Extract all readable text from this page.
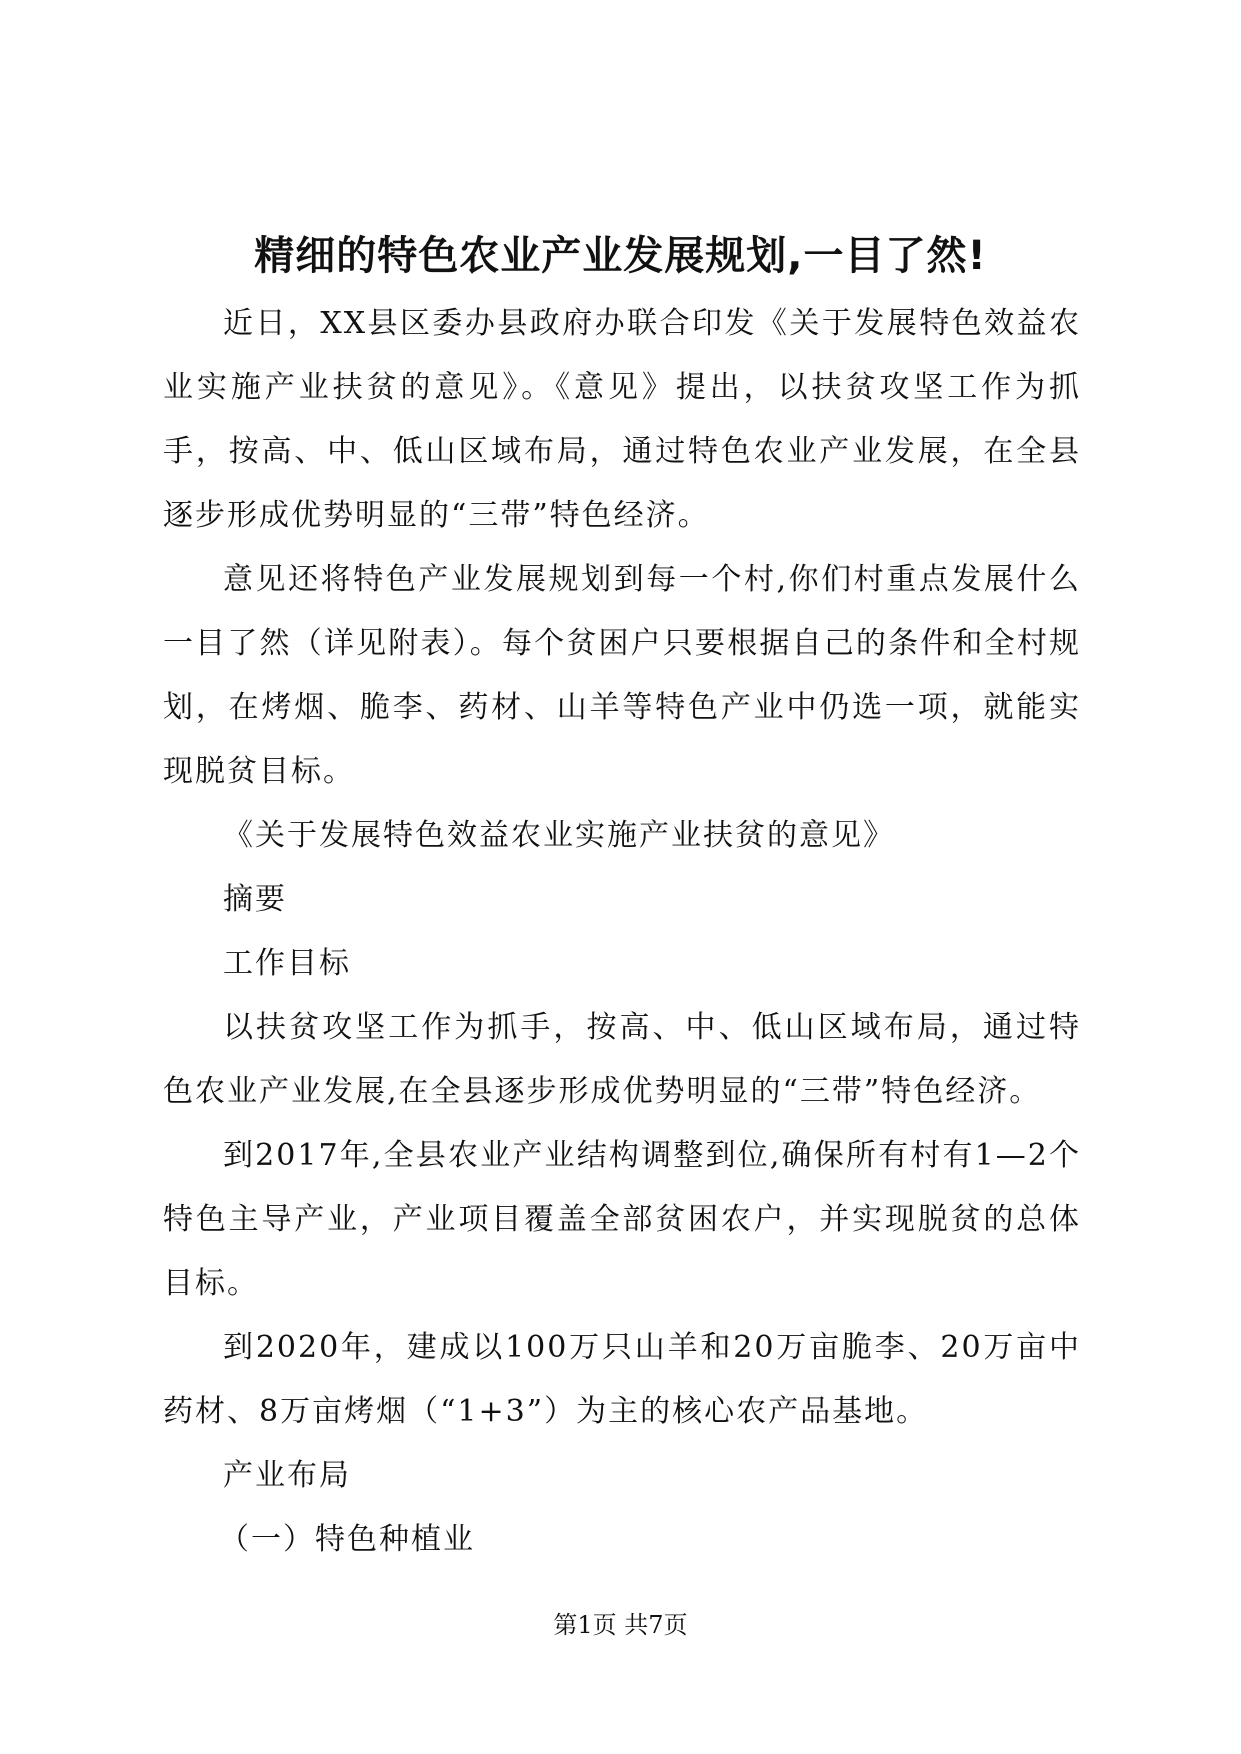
精细的特色农业产业发展规划,一目了然!

近日，XX县区委办县政府办联合印发《关于发展特色效益农业实施产业扶贫的意见》。《意见》提出，以扶贫攻坚工作为抓手，按高、中、低山区域布局，通过特色农业产业发展，在全县逐步形成优势明显的“三带”特色经济。

意见还将特色产业发展规划到每一个村,你们村重点发展什么一目了然（详见附表）。每个贫困户只要根据自己的条件和全村规划，在烤烟、脆李、药材、山羊等特色产业中仍选一项，就能实现脱贫目标。

《关于发展特色效益农业实施产业扶贫的意见》

摘要

工作目标

以扶贫攻坚工作为抓手，按高、中、低山区域布局，通过特色农业产业发展,在全县逐步形成优势明显的“三带”特色经济。

到2017年,全县农业产业结构调整到位,确保所有村有1—2个特色主导产业，产业项目覆盖全部贫困农户，并实现脱贫的总体目标。

到2020年，建成以100万只山羊和20万亩脆李、20万亩中药材、8万亩烤烟（“1+3”）为主的核心农产品基地。

产业布局

（一）特色种植业

第1页 共7页
